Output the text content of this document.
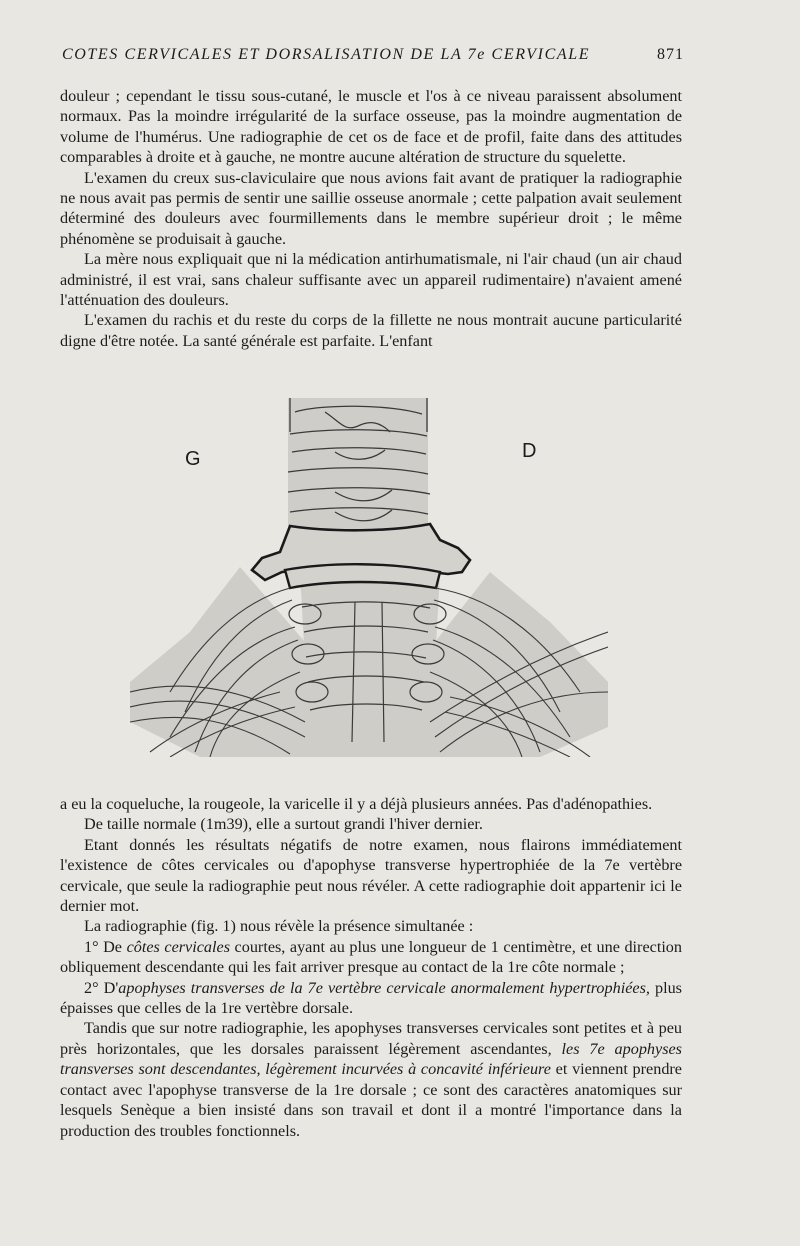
COTES CERVICALES ET DORSALISATION DE LA 7e CERVICALE	871

douleur ; cependant le tissu sous-cutané, le muscle et l'os à ce niveau paraissent absolument normaux. Pas la moindre irrégularité de la surface osseuse, pas la moindre augmentation de volume de l'humérus. Une radiographie de cet os de face et de profil, faite dans des attitudes comparables à droite et à gauche, ne montre aucune altération de structure du squelette.

L'examen du creux sus-claviculaire que nous avions fait avant de pratiquer la radiographie ne nous avait pas permis de sentir une saillie osseuse anormale ; cette palpation avait seulement déterminé des douleurs avec fourmillements dans le membre supérieur droit ; le même phénomène se produisait à gauche.

La mère nous expliquait que ni la médication antirhumatismale, ni l'air chaud (un air chaud administré, il est vrai, sans chaleur suffisante avec un appareil rudimentaire) n'avaient amené l'atténuation des douleurs.

L'examen du rachis et du reste du corps de la fillette ne nous montrait aucune particularité digne d'être notée. La santé générale est parfaite. L'enfant

G	D

a eu la coqueluche, la rougeole, la varicelle il y a déjà plusieurs années. Pas d'adénopathies.

De taille normale (1m39), elle a surtout grandi l'hiver dernier.

Etant donnés les résultats négatifs de notre examen, nous flairons immédiatement l'existence de côtes cervicales ou d'apophyse transverse hypertrophiée de la 7e vertèbre cervicale, que seule la radiographie peut nous révéler. A cette radiographie doit appartenir ici le dernier mot.

La radiographie (fig. 1) nous révèle la présence simultanée :

1° De côtes cervicales courtes, ayant au plus une longueur de 1 centimètre, et une direction obliquement descendante qui les fait arriver presque au contact de la 1re côte normale ;

2° D'apophyses transverses de la 7e vertèbre cervicale anormalement hypertrophiées, plus épaisses que celles de la 1re vertèbre dorsale.

Tandis que sur notre radiographie, les apophyses transverses cervicales sont petites et à peu près horizontales, que les dorsales paraissent légèrement ascendantes, les 7e apophyses transverses sont descendantes, légèrement incurvées à concavité inférieure et viennent prendre contact avec l'apophyse transverse de la 1re dorsale ; ce sont des caractères anatomiques sur lesquels Senèque a bien insisté dans son travail et dont il a montré l'importance dans la production des troubles fonctionnels.
